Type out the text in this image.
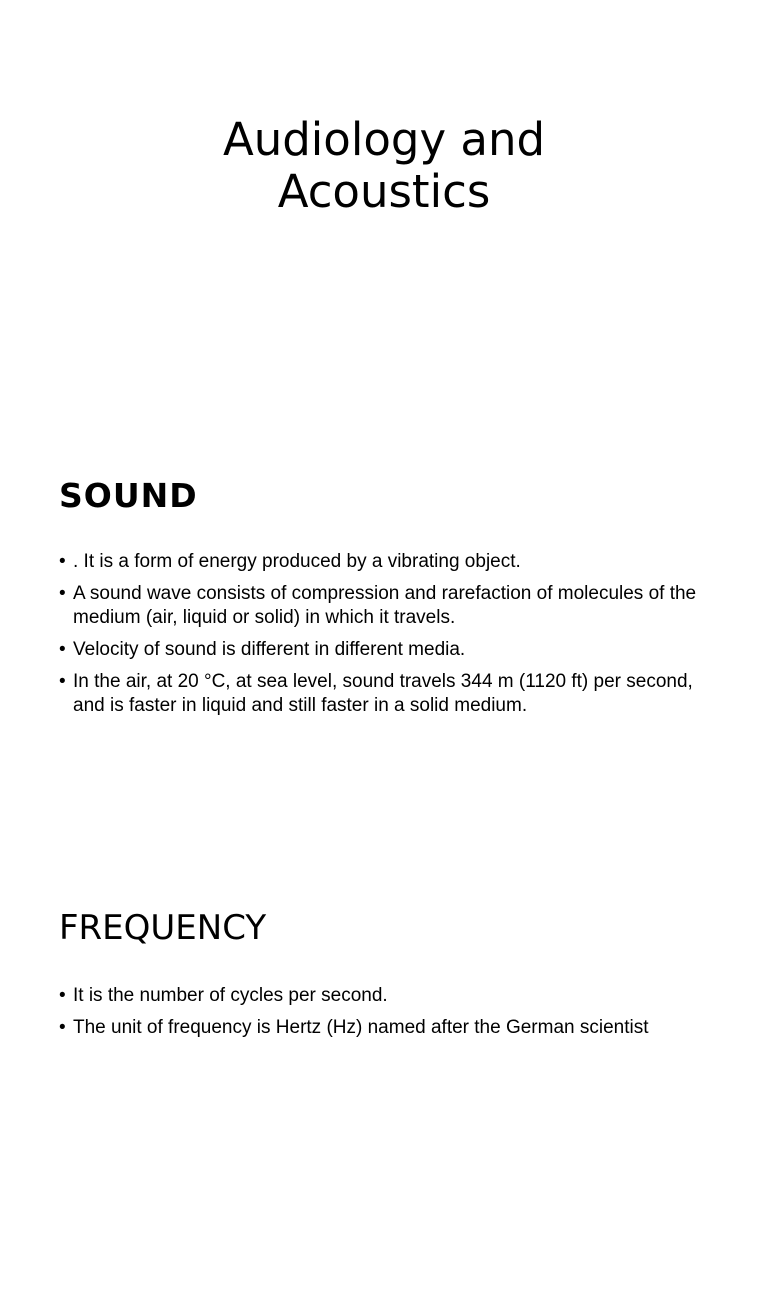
Audiology and
Acoustics
SOUND
• . It is a form of energy produced by a vibrating object.
• A sound wave consists of compression and rarefaction of molecules of the medium (air, liquid or solid) in which it travels.
• Velocity of sound is different in different media.
• In the air, at 20 °C, at sea level, sound travels 344 m (1120 ft) per second, and is faster in liquid and still faster in a solid medium.
FREQUENCY
• It is the number of cycles per second.
• The unit of frequency is Hertz (Hz) named after the German scientist
